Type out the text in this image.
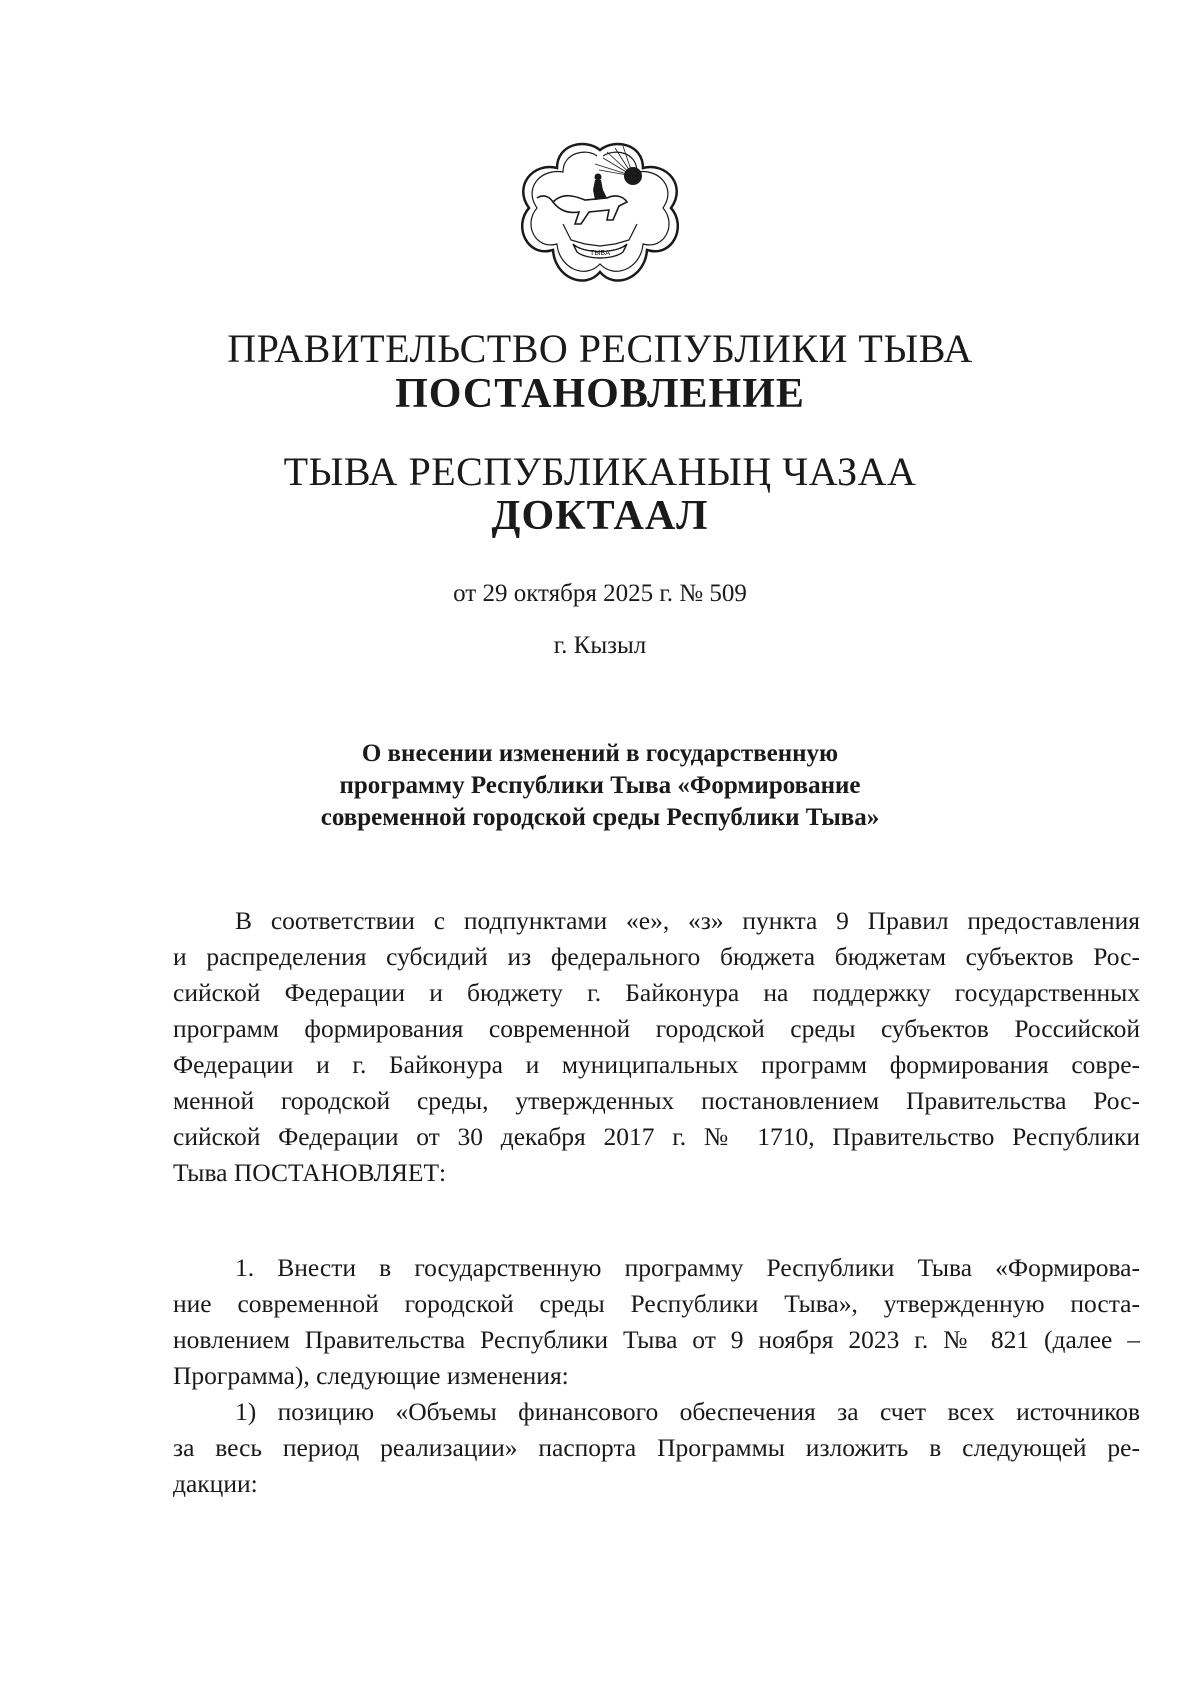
ТЫВА
ПРАВИТЕЛЬСТВО РЕСПУБЛИКИ ТЫВА
ПОСТАНОВЛЕНИЕ
ТЫВА РЕСПУБЛИКАНЫҢ ЧАЗАА
ДОКТААЛ
от 29 октября 2025 г. № 509
г. Кызыл
О внесении изменений в государственную
программу Республики Тыва «Формирование
современной городской среды Республики Тыва»
В соответствии с подпунктами «е», «з» пункта 9 Правил предоставления
и распределения субсидий из федерального бюджета бюджетам субъектов Рос-
сийской Федерации и бюджету г. Байконура на поддержку государственных
программ формирования современной городской среды субъектов Российской
Федерации и г. Байконура и муниципальных программ формирования совре-
менной городской среды, утвержденных постановлением Правительства Рос-
сийской Федерации от 30 декабря 2017 г. № 1710, Правительство Республики
Тыва ПОСТАНОВЛЯЕТ:
1. Внести в государственную программу Республики Тыва «Формирова-
ние современной городской среды Республики Тыва», утвержденную поста-
новлением Правительства Республики Тыва от 9 ноября 2023 г. № 821 (далее –
Программа), следующие изменения:
1) позицию «Объемы финансового обеспечения за счет всех источников
за весь период реализации» паспорта Программы изложить в следующей ре-
дакции:
